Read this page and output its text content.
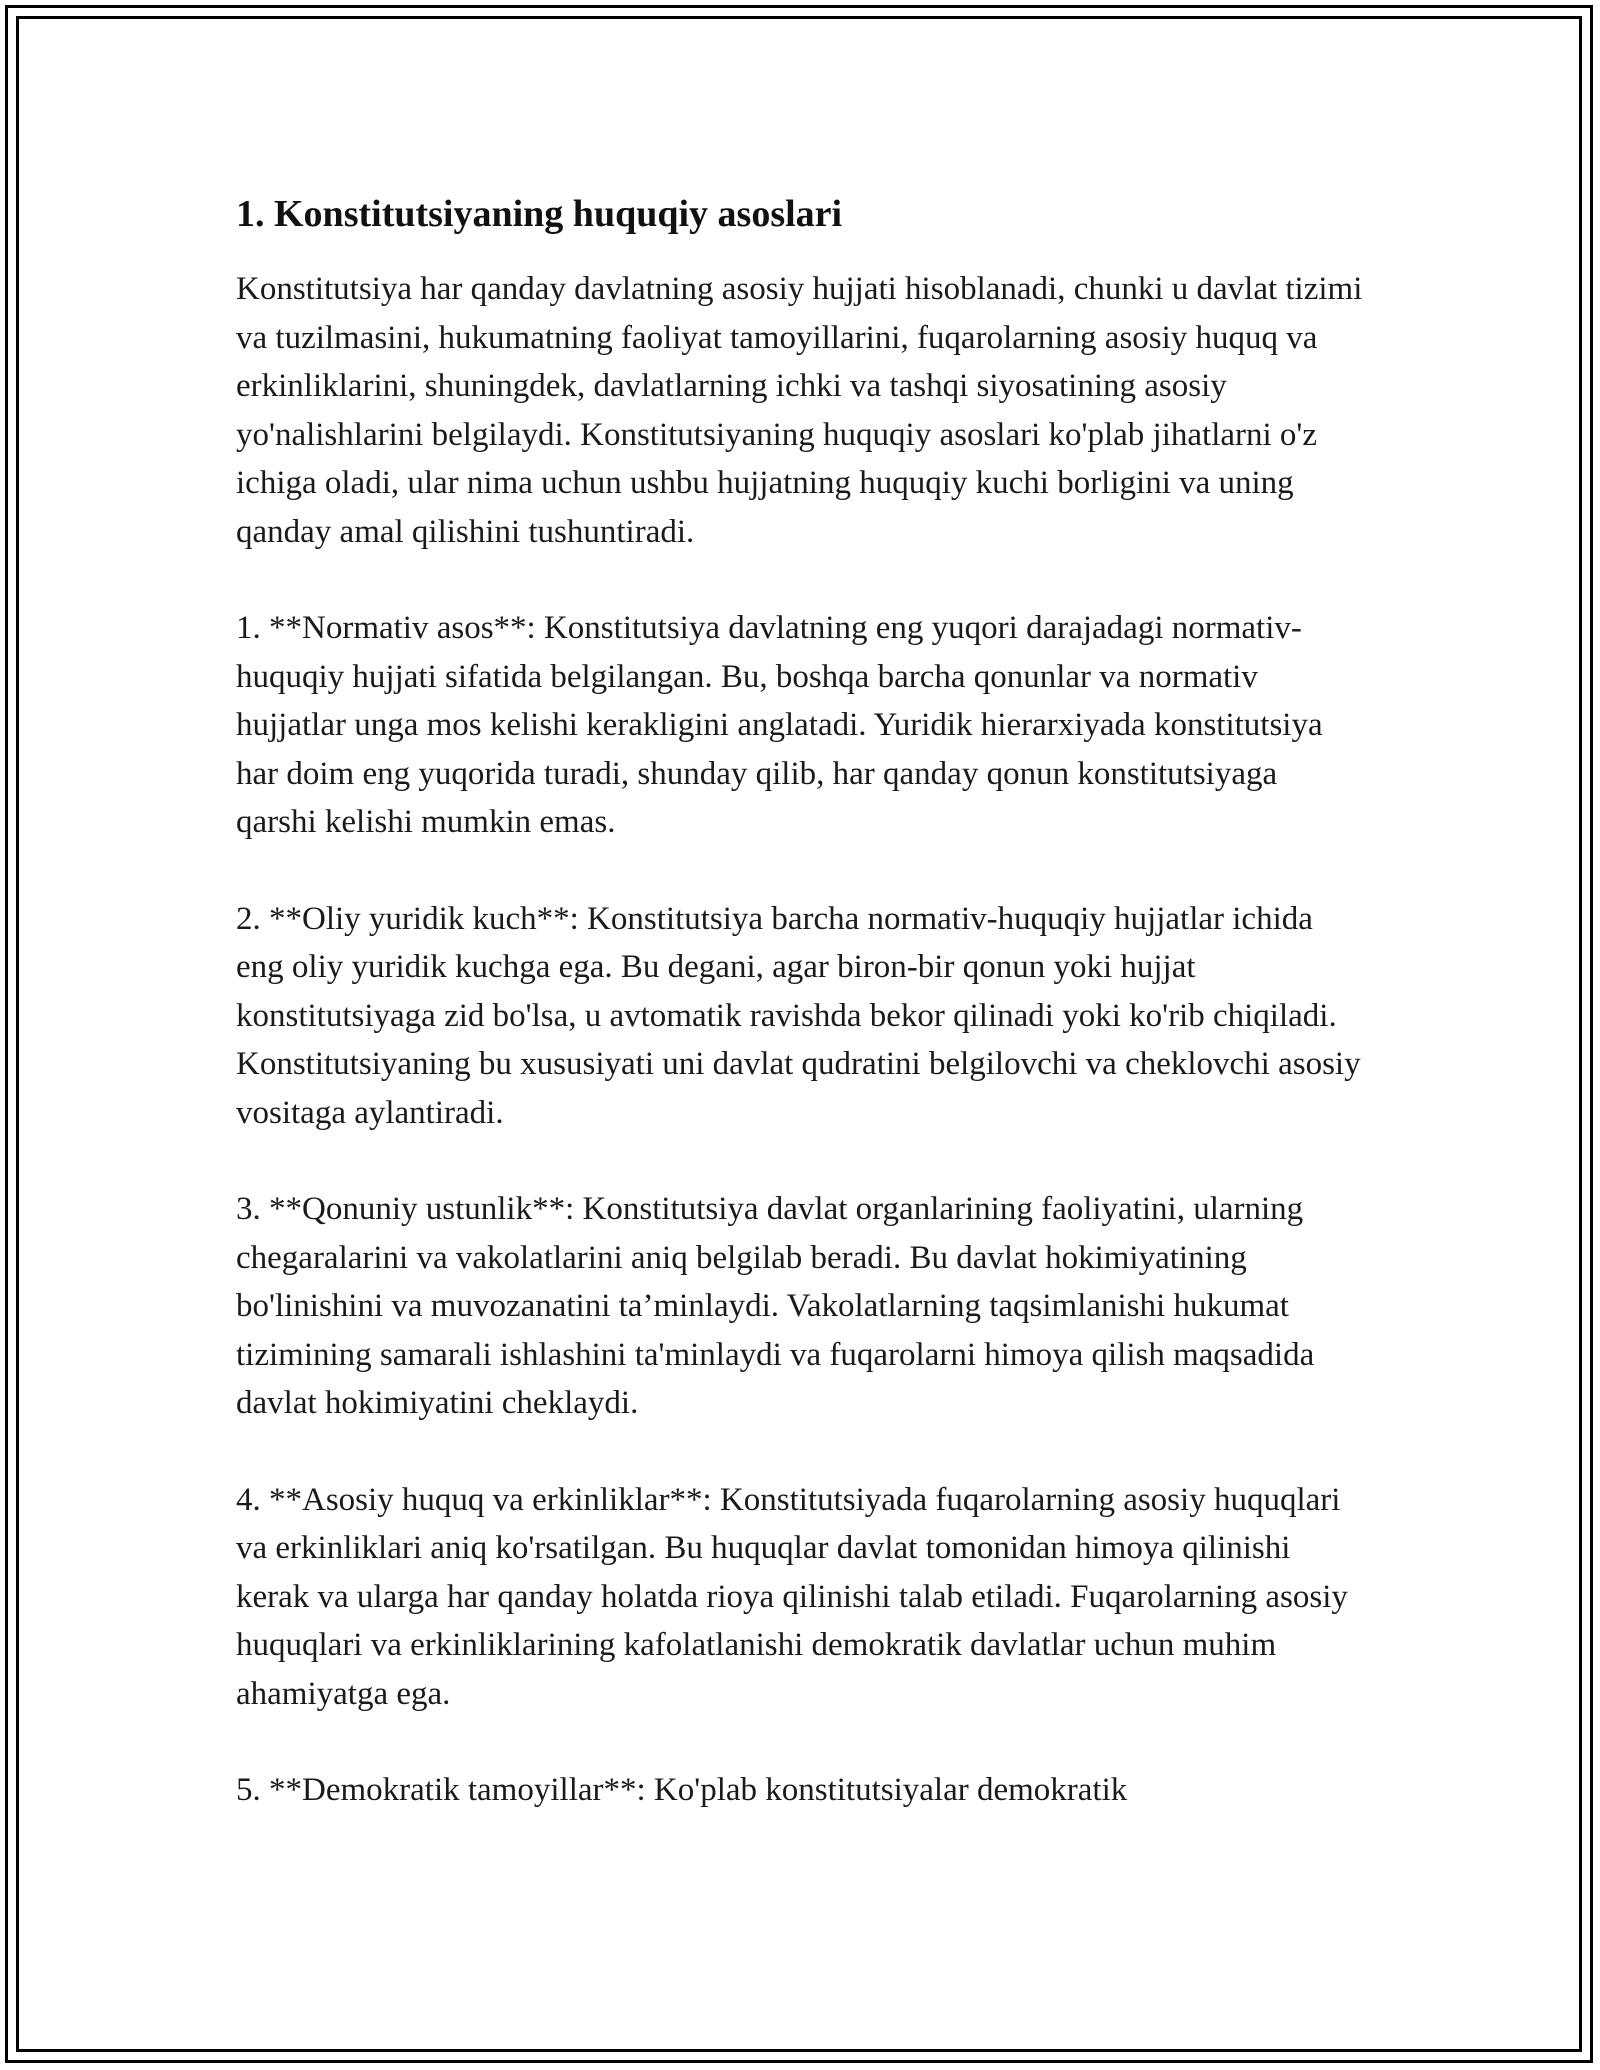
1. Konstitutsiyaning huquqiy asoslari

Konstitutsiya har qanday davlatning asosiy hujjati hisoblanadi, chunki u davlat tizimi va tuzilmasini, hukumatning faoliyat tamoyillarini, fuqarolarning asosiy huquq va erkinliklarini, shuningdek, davlatlarning ichki va tashqi siyosatining asosiy yo'nalishlarini belgilaydi. Konstitutsiyaning huquqiy asoslari ko'plab jihatlarni o'z ichiga oladi, ular nima uchun ushbu hujjatning huquqiy kuchi borligini va uning qanday amal qilishini tushuntiradi.

1. **Normativ asos**: Konstitutsiya davlatning eng yuqori darajadagi normativ-huquqiy hujjati sifatida belgilangan. Bu, boshqa barcha qonunlar va normativ hujjatlar unga mos kelishi kerakligini anglatadi. Yuridik hierarxiyada konstitutsiya har doim eng yuqorida turadi, shunday qilib, har qanday qonun konstitutsiyaga qarshi kelishi mumkin emas.

2. **Oliy yuridik kuch**: Konstitutsiya barcha normativ-huquqiy hujjatlar ichida eng oliy yuridik kuchga ega. Bu degani, agar biron-bir qonun yoki hujjat konstitutsiyaga zid bo'lsa, u avtomatik ravishda bekor qilinadi yoki ko'rib chiqiladi. Konstitutsiyaning bu xususiyati uni davlat qudratini belgilovchi va cheklovchi asosiy vositaga aylantiradi.

3. **Qonuniy ustunlik**: Konstitutsiya davlat organlarining faoliyatini, ularning chegaralarini va vakolatlarini aniq belgilab beradi. Bu davlat hokimiyatining bo'linishini va muvozanatini ta’minlaydi. Vakolatlarning taqsimlanishi hukumat tizimining samarali ishlashini ta'minlaydi va fuqarolarni himoya qilish maqsadida davlat hokimiyatini cheklaydi.

4. **Asosiy huquq va erkinliklar**: Konstitutsiyada fuqarolarning asosiy huquqlari va erkinliklari aniq ko'rsatilgan. Bu huquqlar davlat tomonidan himoya qilinishi kerak va ularga har qanday holatda rioya qilinishi talab etiladi. Fuqarolarning asosiy huquqlari va erkinliklarining kafolatlanishi demokratik davlatlar uchun muhim ahamiyatga ega.

5. **Demokratik tamoyillar**: Ko'plab konstitutsiyalar demokratik
